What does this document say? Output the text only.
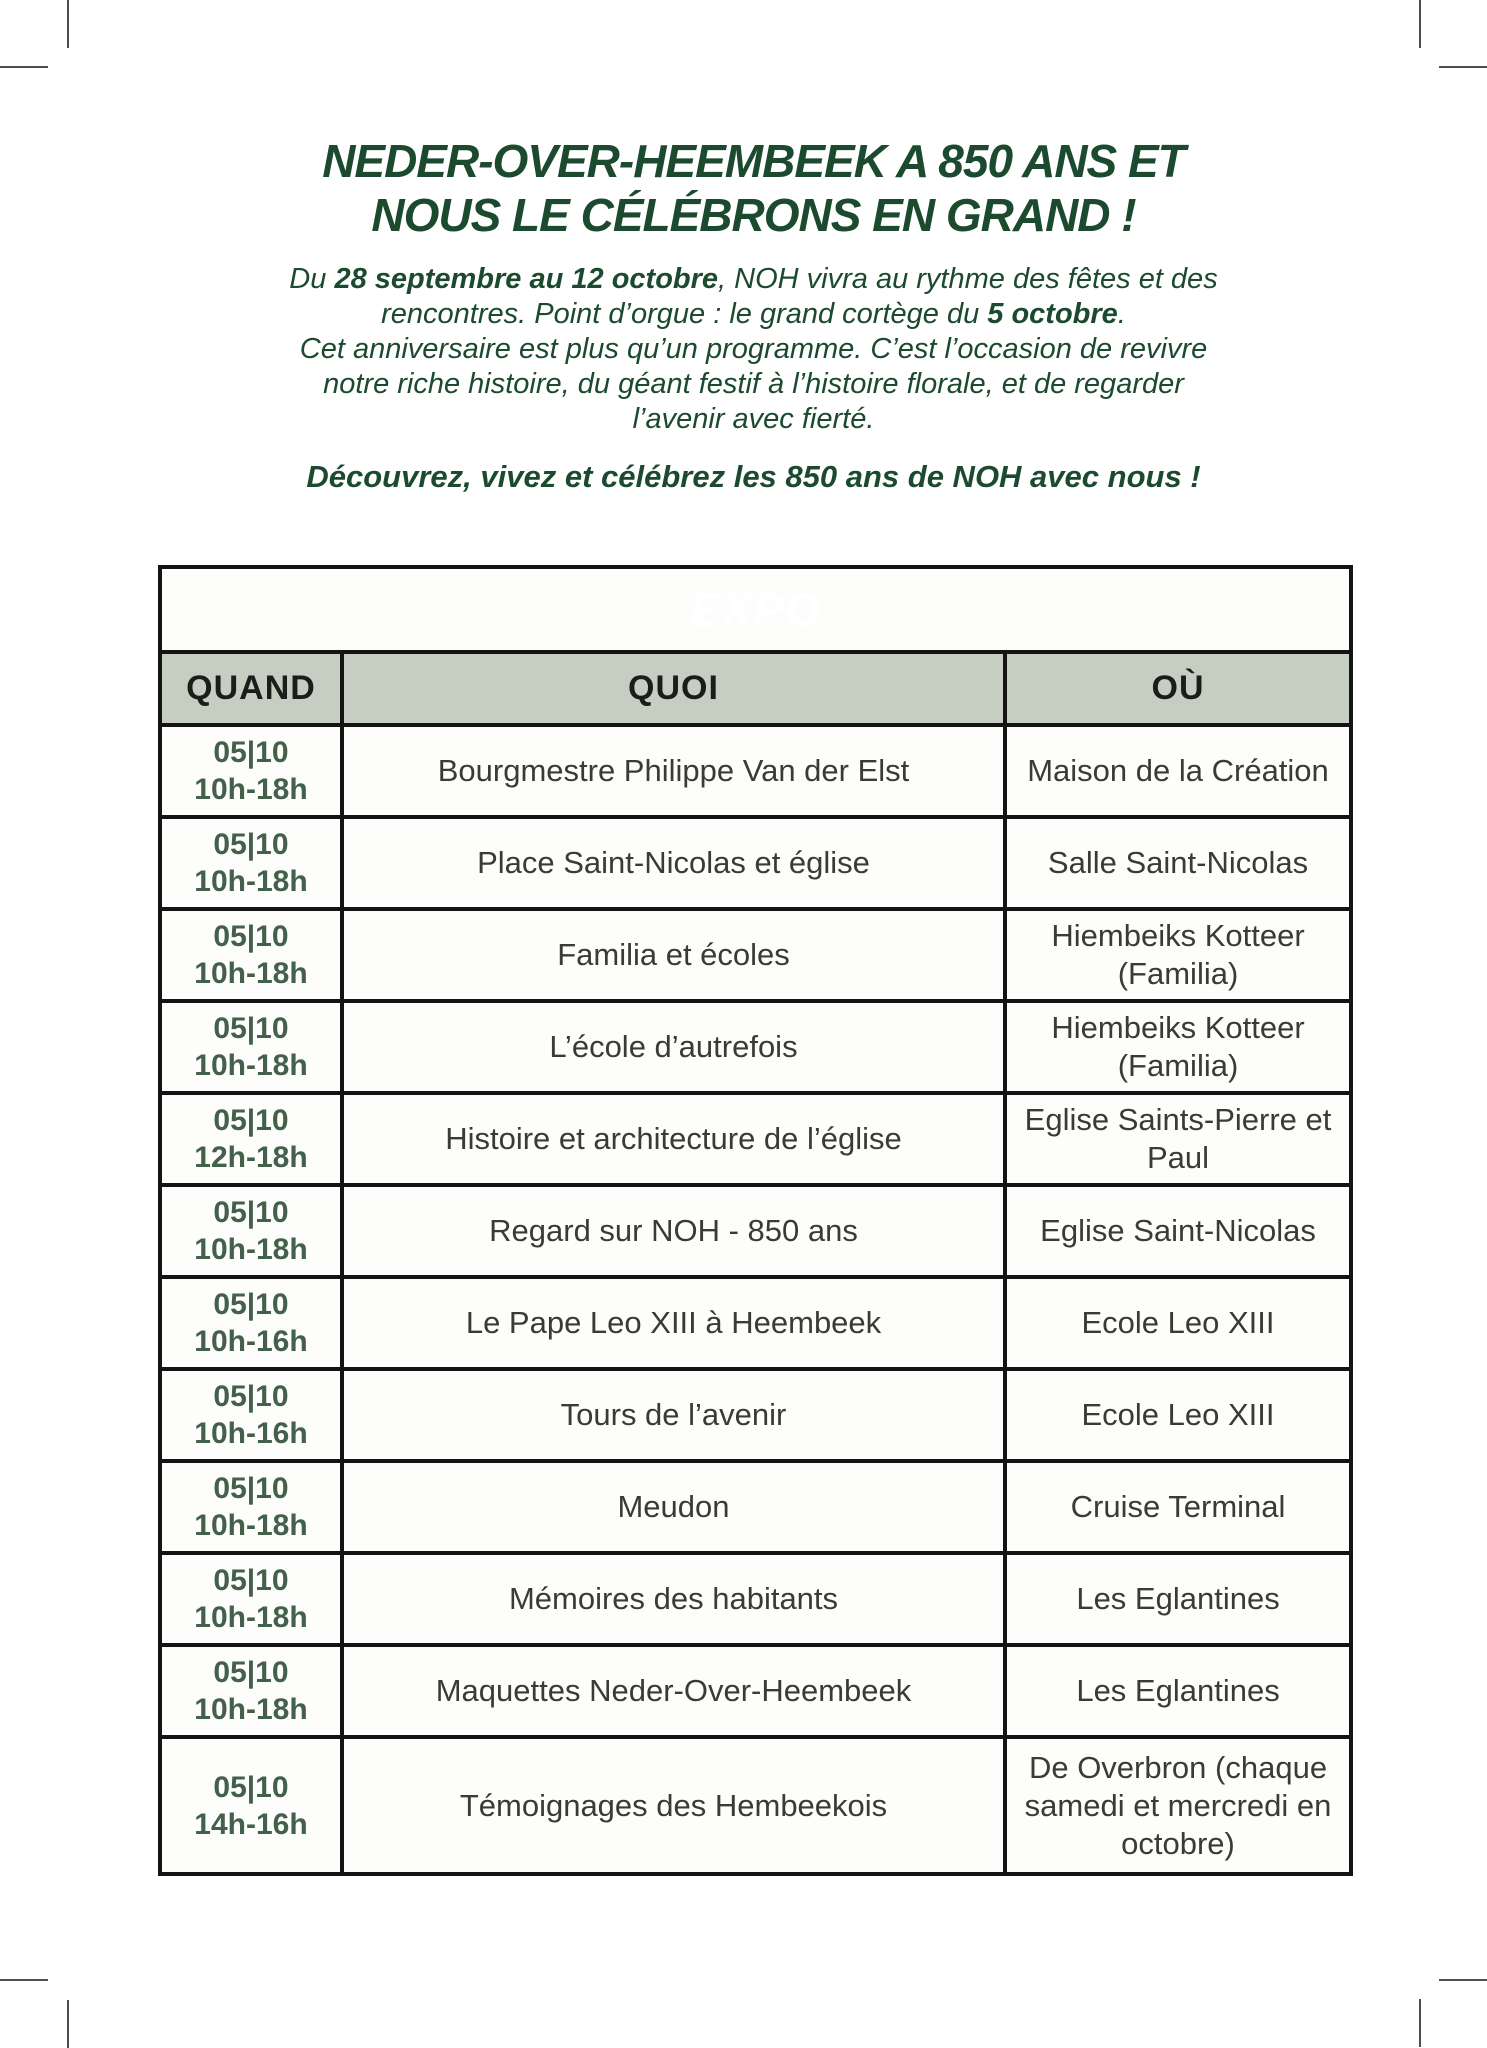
NEDER-OVER-HEEMBEEK A 850 ANS ET
NOUS LE CÉLÉBRONS EN GRAND !
Du 28 septembre au 12 octobre, NOH vivra au rythme des fêtes et des
rencontres. Point d’orgue : le grand cortège du 5 octobre.
Cet anniversaire est plus qu’un programme. C’est l’occasion de revivre
notre riche histoire, du géant festif à l’histoire florale, et de regarder
l’avenir avec fierté.
Découvrez, vivez et célébrez les 850 ans de NOH avec nous !
EXPO		
QUAND	QUOI	OÙ

05|10
10h-18h	Bourgmestre Philippe Van der Elst	Maison de la Création

05|10
10h-18h	Place Saint-Nicolas et église	Salle Saint-Nicolas

05|10
10h-18h	Familia et écoles	Hiembeiks Kotteer (Familia)

05|10
10h-18h	L’école d’autrefois	Hiembeiks Kotteer (Familia)

05|10
12h-18h	Histoire et architecture de l’église	Eglise Saints-Pierre et Paul

05|10
10h-18h	Regard sur NOH - 850 ans	Eglise Saint-Nicolas

05|10
10h-16h	Le Pape Leo XIII à Heembeek	Ecole Leo XIII

05|10
10h-16h	Tours de l’avenir	Ecole Leo XIII

05|10
10h-18h	Meudon	Cruise Terminal

05|10
10h-18h	Mémoires des habitants	Les Eglantines

05|10
10h-18h	Maquettes Neder-Over-Heembeek	Les Eglantines

05|10
14h-16h	Témoignages des Hembeekois	De Overbron (chaque samedi et mercredi en octobre)
